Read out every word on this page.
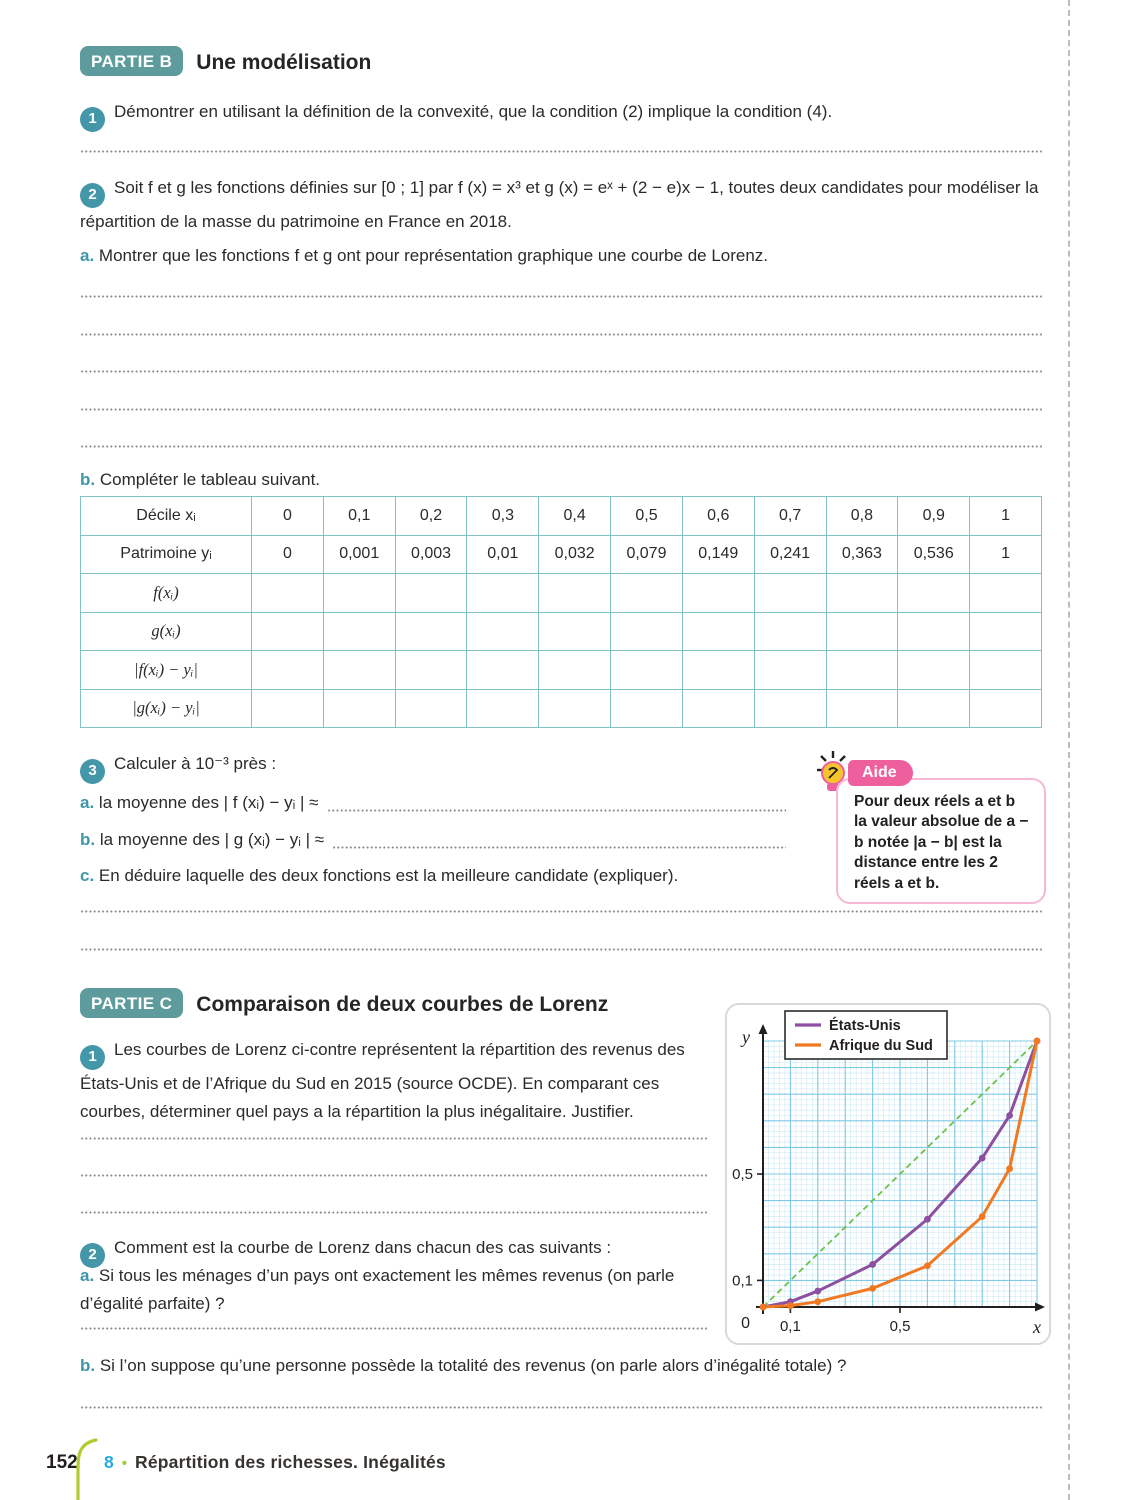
PARTIE B Une modélisation

1 Démontrer en utilisant la définition de la convexité, que la condition (2) implique la condition (4).

2 Soit f et g les fonctions définies sur [0 ; 1] par f (x) = x³ et g (x) = eˣ + (2 − e)x − 1, toutes deux candidates pour modéliser la répartition de la masse du patrimoine en France en 2018.

a. Montrer que les fonctions f et g ont pour représentation graphique une courbe de Lorenz.

b. Compléter le tableau suivant.

Décile xᵢ	0	0,1	0,2	0,3	0,4	0,5	0,6	0,7	0,8	0,9	1
Patrimoine yᵢ	0	0,001	0,003	0,01	0,032	0,079	0,149	0,241	0,363	0,536	1
f(xᵢ)											
g(xᵢ)											
|f(xᵢ) − yᵢ|											
|g(xᵢ) − yᵢ|											

3 Calculer à 10⁻³ près :

a. la moyenne des | f (xᵢ) − yᵢ | ≈
b. la moyenne des | g (xᵢ) − yᵢ | ≈

c. En déduire laquelle des deux fonctions est la meilleure candidate (expliquer).

Aide
Pour deux réels a et b la valeur absolue de a − b notée |a − b| est la distance entre les 2 réels a et b.
PARTIE C Comparaison de deux courbes de Lorenz

1 Les courbes de Lorenz ci-contre représentent la répartition des revenus des États-Unis et de l’Afrique du Sud en 2015 (source OCDE). En comparant ces courbes, déterminer quel pays a la répartition la plus inégalitaire. Justifier.

2 Comment est la courbe de Lorenz dans chacun des cas suivants :

a. Si tous les ménages d’un pays ont exactement les mêmes revenus (on parle d’égalité parfaite) ?

b. Si l’on suppose qu’une personne possède la totalité des revenus (on parle alors d’inégalité totale) ?

0,1	0,5
0,1
0,5
0
y
x
États-Unis
Afrique du Sud
152 8 • Répartition des richesses. Inégalités
